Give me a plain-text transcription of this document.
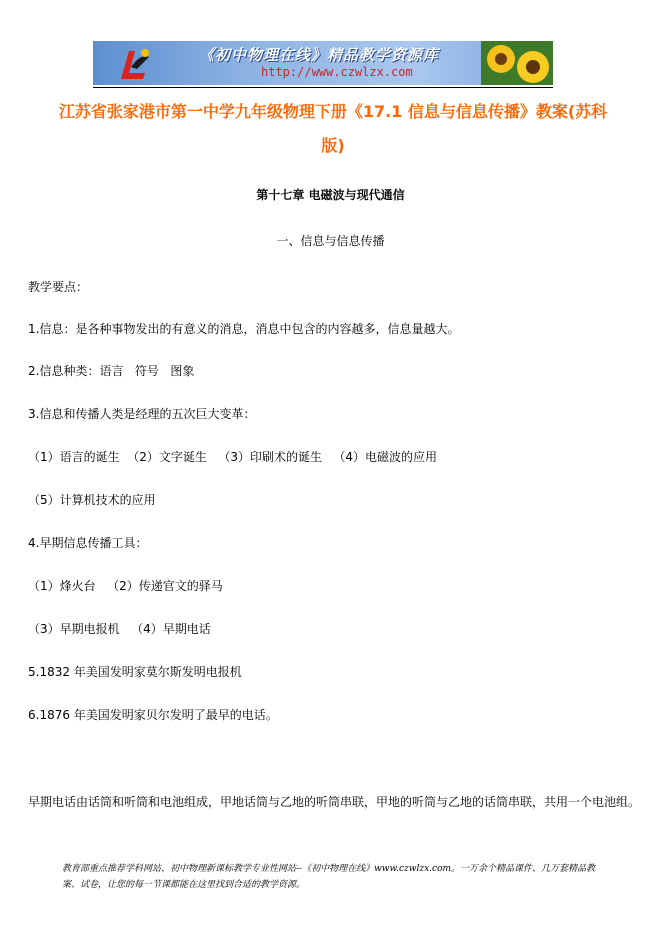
《初中物理在线》精品教学资源库
http://www.czwlzx.com
江苏省张家港市第一中学九年级物理下册《17.1 信息与信息传播》教案(苏科版)
第十七章 电磁波与现代通信
一、信息与信息传播
教学要点：
1.信息：是各种事物发出的有意义的消息，消息中包含的内容越多，信息量越大。
2.信息种类：语言   符号   图象
3.信息和传播人类是经理的五次巨大变革：
（1）语言的诞生  （2）文字诞生   （3）印刷术的诞生   （4）电磁波的应用
（5）计算机技术的应用
4.早期信息传播工具：
（1）烽火台   （2）传递官文的驿马
（3）早期电报机   （4）早期电话
5.1832 年美国发明家莫尔斯发明电报机
6.1876 年美国发明家贝尔发明了最早的电话。
早期电话由话筒和听筒和电池组成，甲地话筒与乙地的听筒串联，甲地的听筒与乙地的话筒串联，共用一个电池组。
教育部重点推荐学科网站、初中物理新课标教学专业性网站--《初中物理在线》www.czwlzx.com。一万余个精品课件、几万套精品教案、试卷，让您的每一节课都能在这里找到合适的教学资源。
